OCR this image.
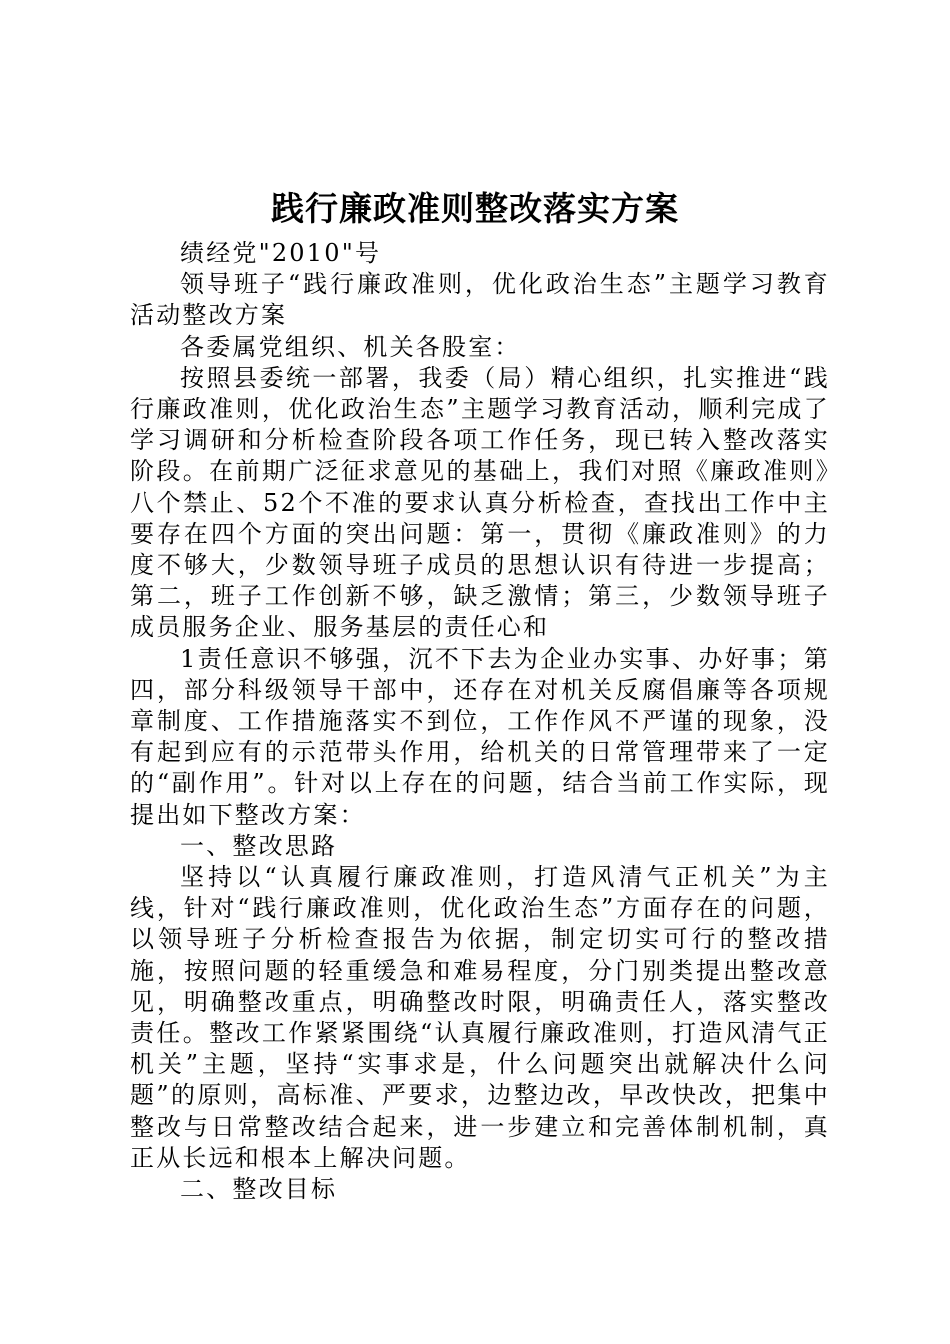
践行廉政准则整改落实方案

绩经党"2010"号

领导班子“践行廉政准则，优化政治生态”主题学习教育活动整改方案

各委属党组织、机关各股室：

按照县委统一部署，我委（局）精心组织，扎实推进“践行廉政准则，优化政治生态”主题学习教育活动，顺利完成了学习调研和分析检查阶段各项工作任务，现已转入整改落实阶段。在前期广泛征求意见的基础上，我们对照《廉政准则》八个禁止、52个不准的要求认真分析检查，查找出工作中主要存在四个方面的突出问题：第一，贯彻《廉政准则》的力度不够大，少数领导班子成员的思想认识有待进一步提高；第二，班子工作创新不够，缺乏激情；第三，少数领导班子成员服务企业、服务基层的责任心和

1责任意识不够强，沉不下去为企业办实事、办好事；第四，部分科级领导干部中，还存在对机关反腐倡廉等各项规章制度、工作措施落实不到位，工作作风不严谨的现象，没有起到应有的示范带头作用，给机关的日常管理带来了一定的“副作用”。针对以上存在的问题，结合当前工作实际，现提出如下整改方案：

一、整改思路

坚持以“认真履行廉政准则，打造风清气正机关”为主线，针对“践行廉政准则，优化政治生态”方面存在的问题，以领导班子分析检查报告为依据，制定切实可行的整改措施，按照问题的轻重缓急和难易程度，分门别类提出整改意见，明确整改重点，明确整改时限，明确责任人，落实整改责任。整改工作紧紧围绕“认真履行廉政准则，打造风清气正机关”主题，坚持“实事求是，什么问题突出就解决什么问题”的原则，高标准、严要求，边整边改，早改快改，把集中整改与日常整改结合起来，进一步建立和完善体制机制，真正从长远和根本上解决问题。

二、整改目标
